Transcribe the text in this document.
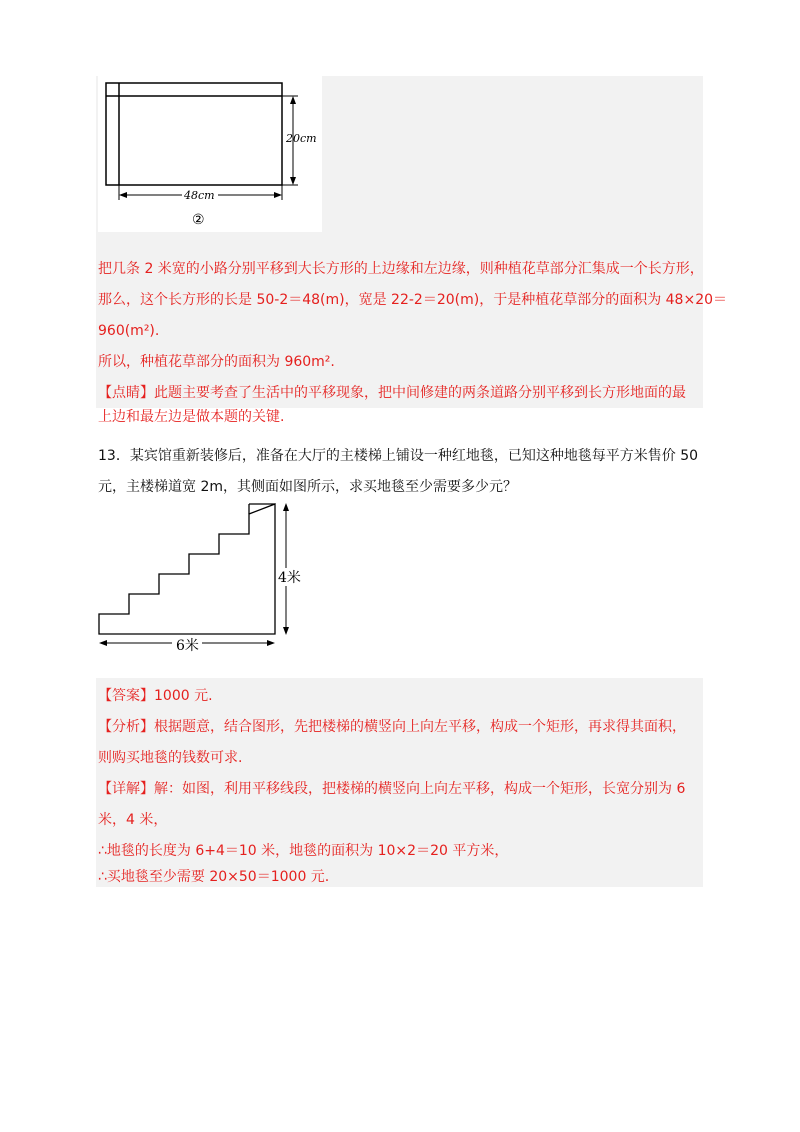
20cm
48cm
②
把几条 2 米宽的小路分别平移到大长方形的上边缘和左边缘，则种植花草部分汇集成一个长方形，
那么，这个长方形的长是 50-2＝48(m)，宽是 22-2＝20(m)，于是种植花草部分的面积为 48×20＝
960(m²).
所以，种植花草部分的面积为 960m².
【点睛】此题主要考查了生活中的平移现象，把中间修建的两条道路分别平移到长方形地面的最
上边和最左边是做本题的关键.
13．某宾馆重新装修后，准备在大厅的主楼梯上铺设一种红地毯，已知这种地毯每平方米售价 50
元，主楼梯道宽 2m，其侧面如图所示，求买地毯至少需要多少元？
4米
6米
【答案】1000 元.
【分析】根据题意，结合图形，先把楼梯的横竖向上向左平移，构成一个矩形，再求得其面积，
则购买地毯的钱数可求.
【详解】解：如图，利用平移线段，把楼梯的横竖向上向左平移，构成一个矩形，长宽分别为 6
米，4 米，
∴地毯的长度为 6+4＝10 米，地毯的面积为 10×2＝20 平方米，
∴买地毯至少需要 20×50＝1000 元.
